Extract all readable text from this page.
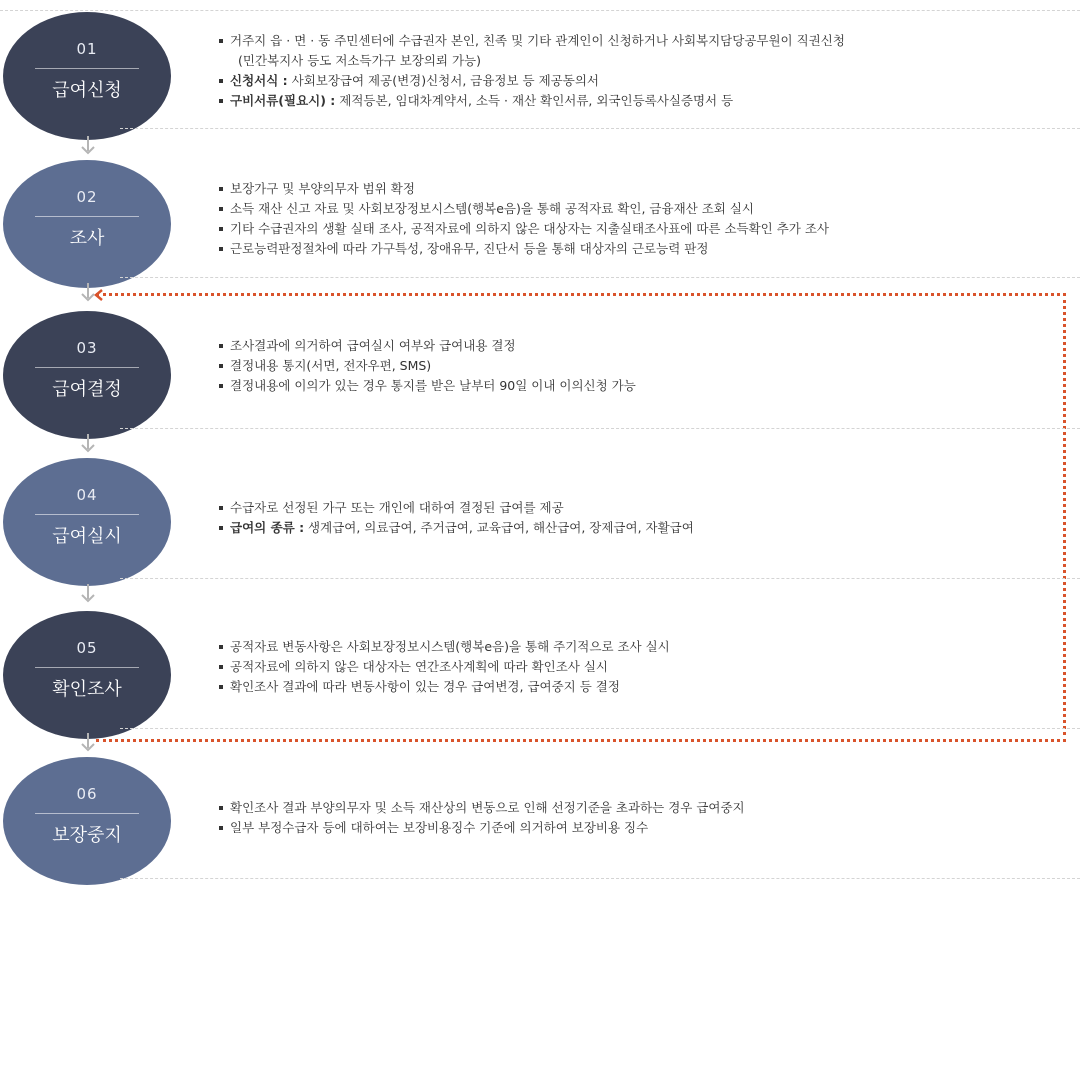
01
급여신청
거주지 읍 · 면 · 동 주민센터에 수급권자 본인, 친족 및 기타 관계인이 신청하거나 사회복지담당공무원이 직권신청
(민간복지사 등도 저소득가구 보장의뢰 가능)
신청서식 : 사회보장급여 제공(변경)신청서, 금융정보 등 제공동의서
구비서류(필요시) : 제적등본, 임대차계약서, 소득 · 재산 확인서류, 외국인등록사실증명서 등
02
조사
보장가구 및 부양의무자 범위 확정
소득 재산 신고 자료 및 사회보장정보시스템(행복e음)을 통해 공적자료 확인, 금융재산 조회 실시
기타 수급권자의 생활 실태 조사, 공적자료에 의하지 않은 대상자는 지출실태조사표에 따른 소득확인 추가 조사
근로능력판정절차에 따라 가구특성, 장애유무, 진단서 등을 통해 대상자의 근로능력 판정
03
급여결정
조사결과에 의거하여 급여실시 여부와 급여내용 결정
결정내용 통지(서면, 전자우편, SMS)
결정내용에 이의가 있는 경우 통지를 받은 날부터 90일 이내 이의신청 가능
04
급여실시
수급자로 선정된 가구 또는 개인에 대하여 결정된 급여를 제공
급여의 종류 : 생계급여, 의료급여, 주거급여, 교육급여, 해산급여, 장제급여, 자활급여
05
확인조사
공적자료 변동사항은 사회보장정보시스템(행복e음)을 통해 주기적으로 조사 실시
공적자료에 의하지 않은 대상자는 연간조사계획에 따라 확인조사 실시
확인조사 결과에 따라 변동사항이 있는 경우 급여변경, 급여중지 등 결정
06
보장중지
확인조사 결과 부양의무자 및 소득 재산상의 변동으로 인해 선정기준을 초과하는 경우 급여중지
일부 부정수급자 등에 대하여는 보장비용징수 기준에 의거하여 보장비용 징수
